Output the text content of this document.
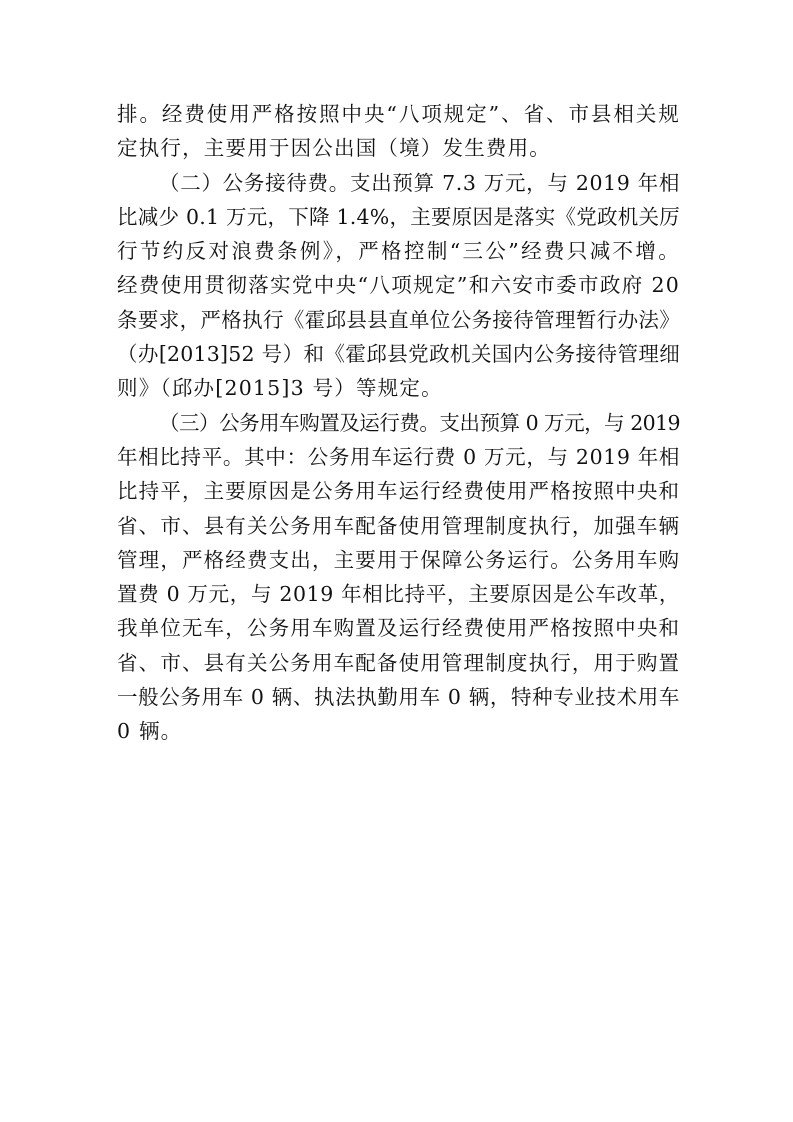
排。经费使用严格按照中央“八项规定”、省、市县相关规
定执行，主要用于因公出国（境）发生费用。
（二）公务接待费。支出预算 7.3 万元，与 2019 年相
比减少 0.1 万元，下降 1.4%，主要原因是落实《党政机关厉
行节约反对浪费条例》，严格控制“三公”经费只减不增。
经费使用贯彻落实党中央“八项规定”和六安市委市政府 20
条要求，严格执行《霍邱县县直单位公务接待管理暂行办法》
（办[2013]52 号）和《霍邱县党政机关国内公务接待管理细
则》（邱办[2015]3 号）等规定。
（三）公务用车购置及运行费。支出预算 0 万元，与 2019
年相比持平。其中：公务用车运行费 0 万元，与 2019 年相
比持平，主要原因是公务用车运行经费使用严格按照中央和
省、市、县有关公务用车配备使用管理制度执行，加强车辆
管理，严格经费支出，主要用于保障公务运行。公务用车购
置费 0 万元，与 2019 年相比持平，主要原因是公车改革，
我单位无车，公务用车购置及运行经费使用严格按照中央和
省、市、县有关公务用车配备使用管理制度执行，用于购置
一般公务用车 0 辆、执法执勤用车 0 辆，特种专业技术用车
0 辆。
